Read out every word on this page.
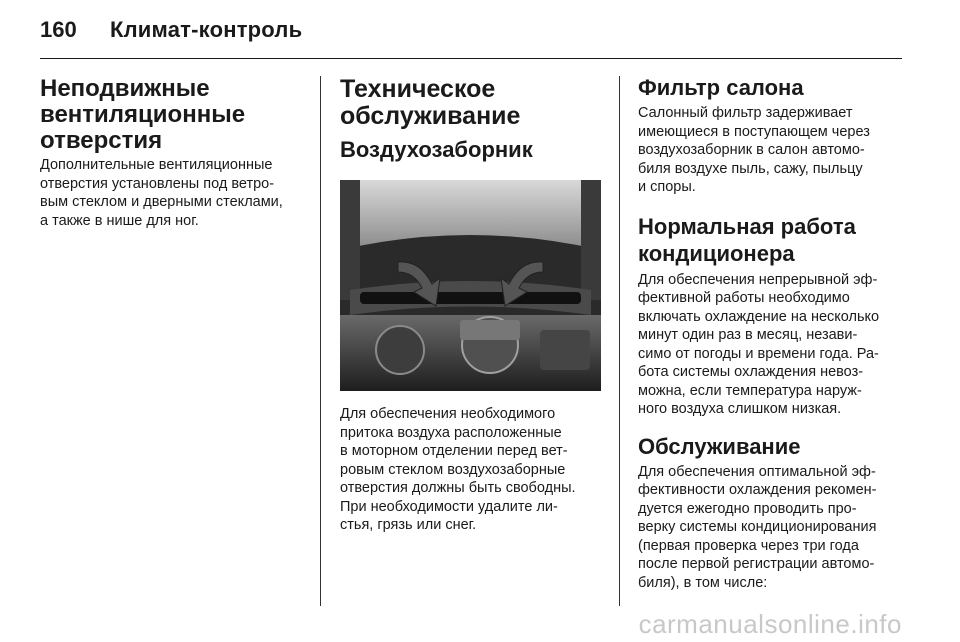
160	Климат-контроль
Неподвижные
вентиляционные
отверстия

Дополнительные вентиляционные
отверстия установлены под ветро-
вым стеклом и дверными стеклами,
а также в нише для ног.

Техническое
обслуживание
Воздухозаборник

Для обеспечения необходимого
притока воздуха расположенные
в моторном отделении перед вет-
ровым стеклом воздухозаборные
отверстия должны быть свободны.
При необходимости удалите ли-
стья, грязь или снег.

Фильтр салона

Салонный фильтр задерживает
имеющиеся в поступающем через
воздухозаборник в салон автомо-
биля воздухе пыль, сажу, пыльцу
и споры.

Нормальная работа
кондиционера

Для обеспечения непрерывной эф-
фективной работы необходимо
включать охлаждение на несколько
минут один раз в месяц, незави-
симо от погоды и времени года. Ра-
бота системы охлаждения невоз-
можна, если температура наруж-
ного воздуха слишком низкая.

Обслуживание

Для обеспечения оптимальной эф-
фективности охлаждения рекомен-
дуется ежегодно проводить про-
верку системы кондиционирования
(первая проверка через три года
после первой регистрации автомо-
биля), в том числе:

carmanualsonline.info
